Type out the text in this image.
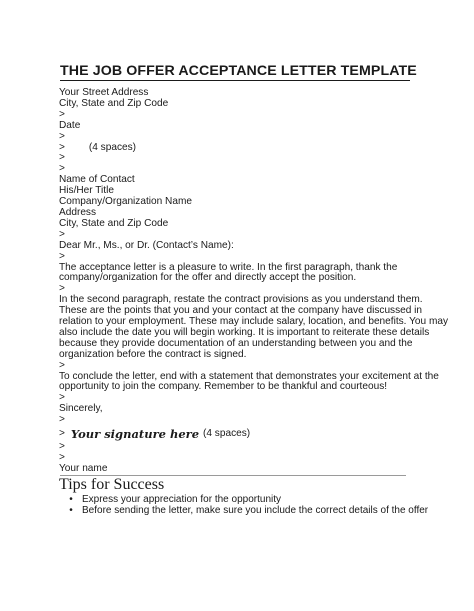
THE JOB OFFER ACCEPTANCE LETTER TEMPLATE
Your Street Address
City, State and Zip Code
>
Date
>
> (4 spaces)
>
>
Name of Contact
His/Her Title
Company/Organization Name
Address
City, State and Zip Code
>
Dear Mr., Ms., or Dr. (Contact’s Name):
>
The acceptance letter is a pleasure to write. In the first paragraph, thank the
company/organization for the offer and directly accept the position.
>
In the second paragraph, restate the contract provisions as you understand them.
These are the points that you and your contact at the company have discussed in
relation to your employment. These may include salary, location, and benefits. You may
also include the date you will begin working. It is important to reiterate these details
because they provide documentation of an understanding between you and the
organization before the contract is signed.
>
To conclude the letter, end with a statement that demonstrates your excitement at the
opportunity to join the company. Remember to be thankful and courteous!
>
Sincerely,
>
> Your signature here (4 spaces)
>
>
Your name
Tips for Success
• Express your appreciation for the opportunity
• Before sending the letter, make sure you include the correct details of the offer
